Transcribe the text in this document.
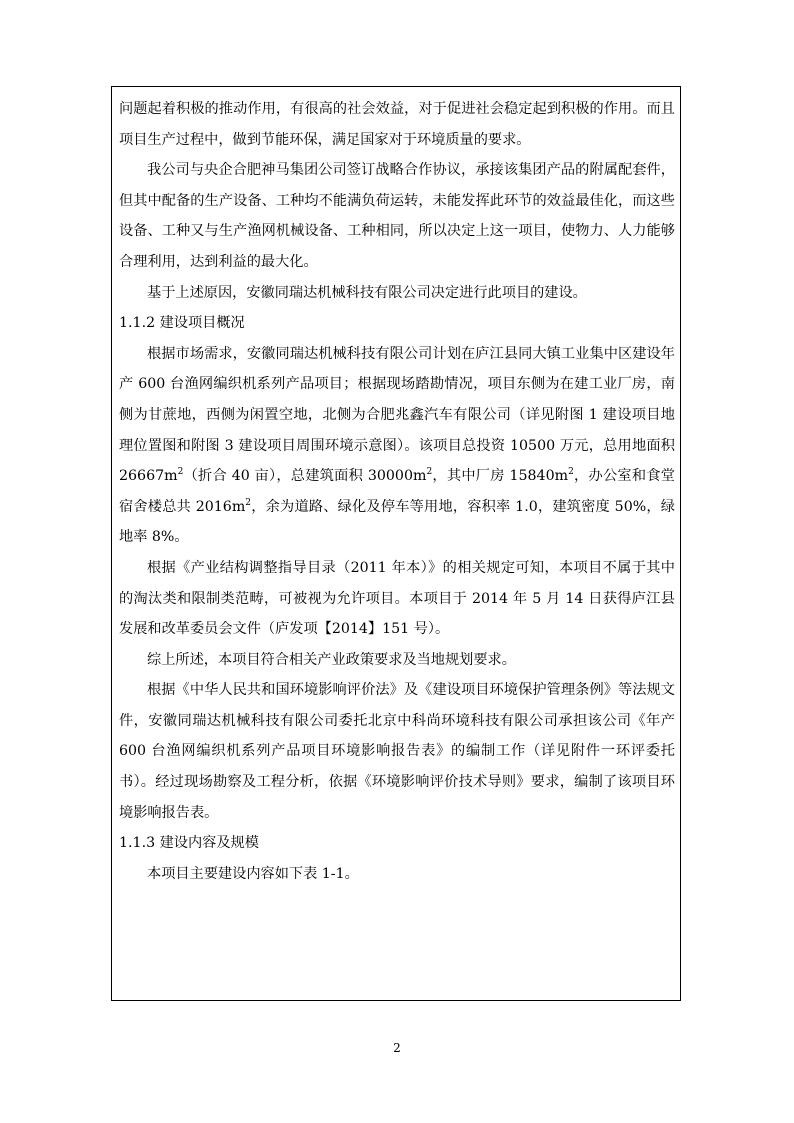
问题起着积极的推动作用，有很高的社会效益，对于促进社会稳定起到积极的作用。而且项目生产过程中，做到节能环保，满足国家对于环境质量的要求。

我公司与央企合肥神马集团公司签订战略合作协议，承接该集团产品的附属配套件，但其中配备的生产设备、工种均不能满负荷运转，未能发挥此环节的效益最佳化，而这些设备、工种又与生产渔网机械设备、工种相同，所以决定上这一项目，使物力、人力能够合理利用，达到利益的最大化。

基于上述原因，安徽同瑞达机械科技有限公司决定进行此项目的建设。

1.1.2 建设项目概况

根据市场需求，安徽同瑞达机械科技有限公司计划在庐江县同大镇工业集中区建设年产 600 台渔网编织机系列产品项目；根据现场踏勘情况，项目东侧为在建工业厂房，南侧为甘蔗地，西侧为闲置空地，北侧为合肥兆鑫汽车有限公司（详见附图 1 建设项目地理位置图和附图 3 建设项目周围环境示意图）。该项目总投资 10500 万元，总用地面积 $26667m^2$（折合 40 亩），总建筑面积 $30000m^2$，其中厂房 $15840m^2$，办公室和食堂宿舍楼总共 $2016m^2$，余为道路、绿化及停车等用地，容积率 1.0，建筑密度 50%，绿地率 8%。

根据《产业结构调整指导目录（2011 年本）》的相关规定可知，本项目不属于其中的淘汰类和限制类范畴，可被视为允许项目。本项目于 2014 年 5 月 14 日获得庐江县发展和改革委员会文件（庐发项【2014】151 号）。

综上所述，本项目符合相关产业政策要求及当地规划要求。

根据《中华人民共和国环境影响评价法》及《建设项目环境保护管理条例》等法规文件，安徽同瑞达机械科技有限公司委托北京中科尚环境科技有限公司承担该公司《年产 600 台渔网编织机系列产品项目环境影响报告表》的编制工作（详见附件一环评委托书）。经过现场勘察及工程分析，依据《环境影响评价技术导则》要求，编制了该项目环境影响报告表。

1.1.3 建设内容及规模

本项目主要建设内容如下表 1-1。

2
